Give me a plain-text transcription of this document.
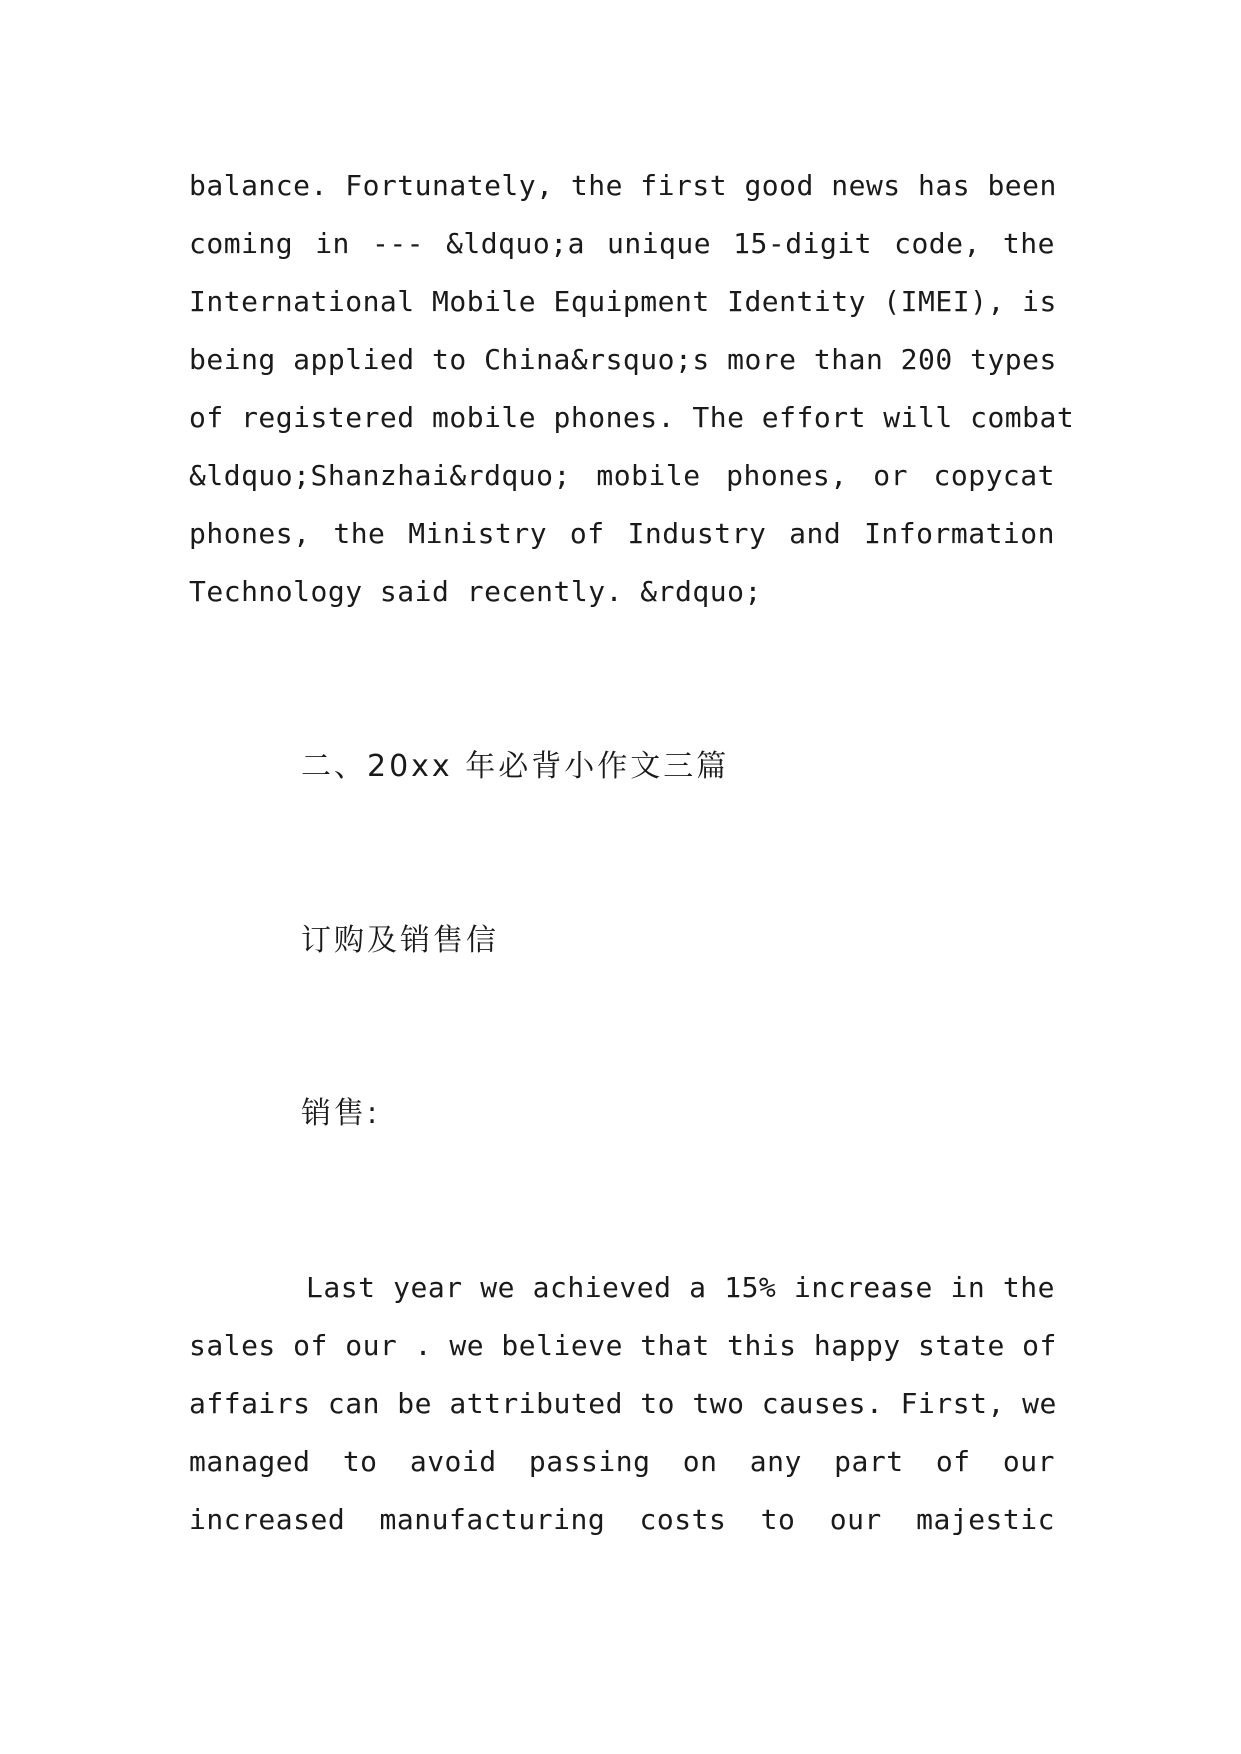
balance. Fortunately, the first good news has been
coming in --- &ldquo;a unique 15-digit code, the
International Mobile Equipment Identity (IMEI), is
being applied to China&rsquo;s more than 200 types
of registered mobile phones. The effort will combat
&ldquo;Shanzhai&rdquo; mobile phones, or copycat
phones, the Ministry of Industry and Information
Technology said recently. &rdquo;
二、20xx 年必背小作文三篇
订购及销售信
销售:
Last year we achieved a 15% increase in the
sales of our . we believe that this happy state of
affairs can be attributed to two causes. First, we
managed to avoid passing on any part of our
increased manufacturing costs to our majestic
